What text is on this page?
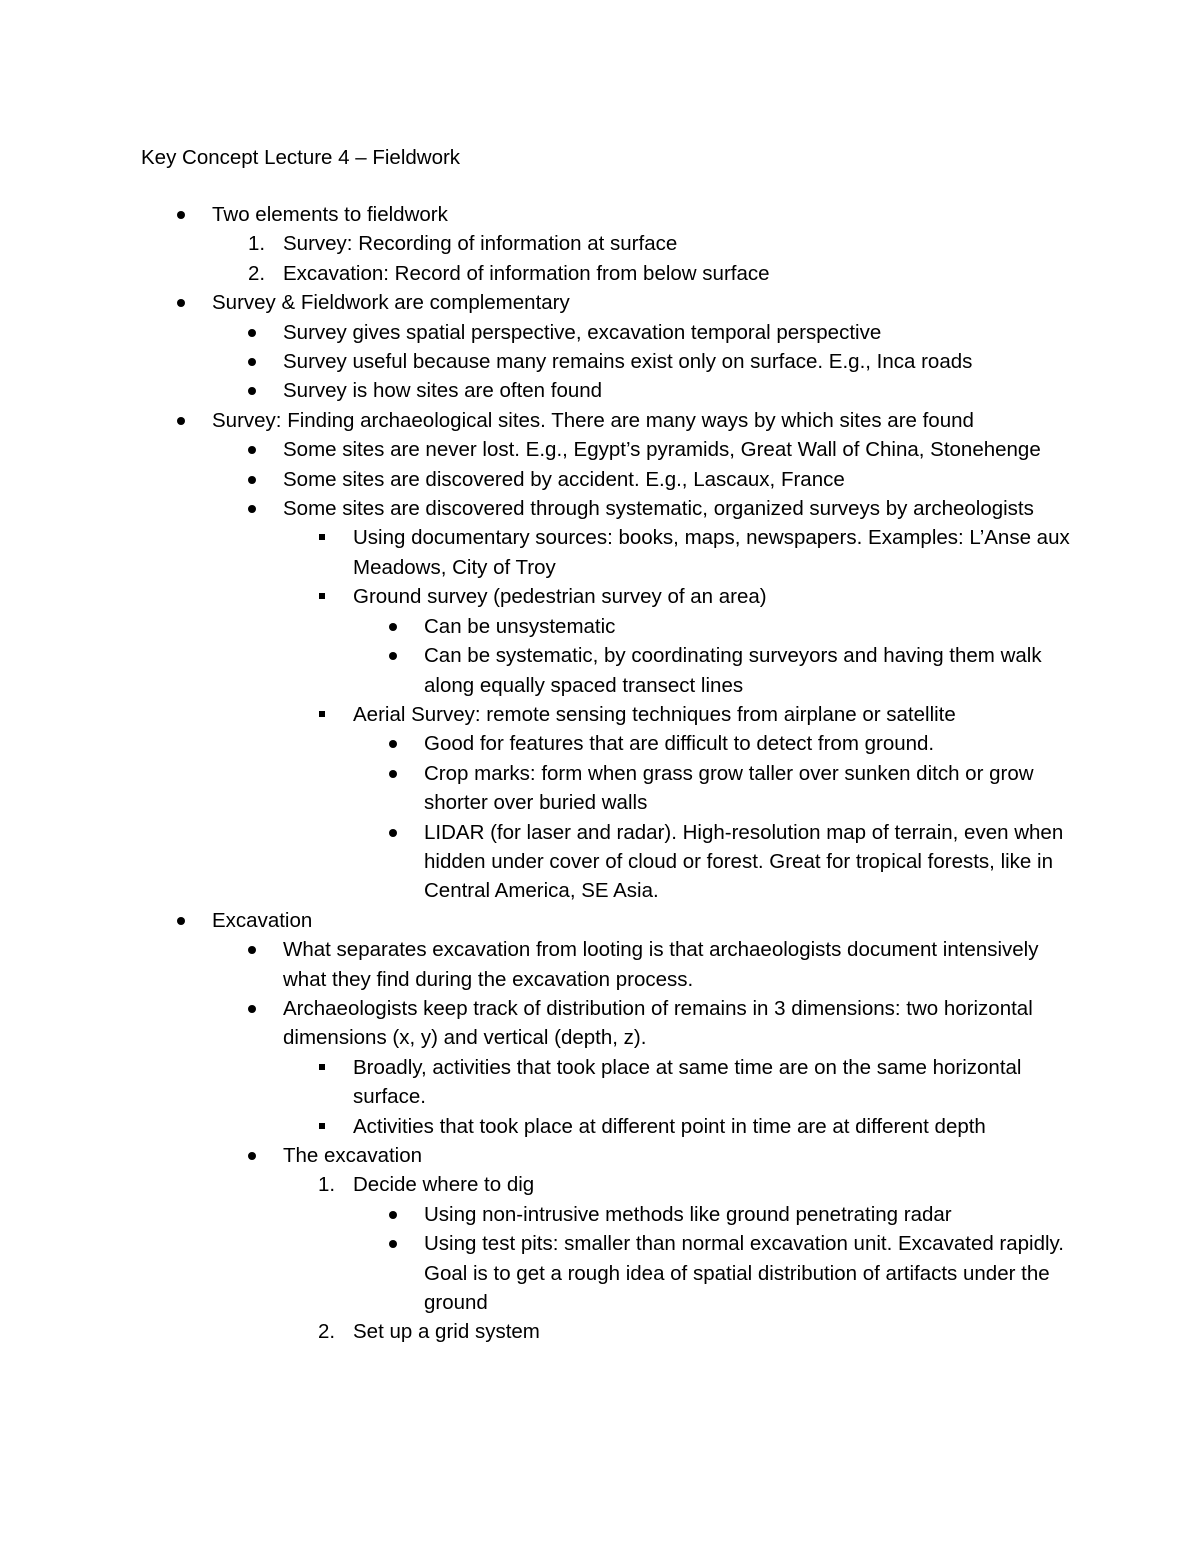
Key Concept Lecture 4 – Fieldwork
Two elements to fieldwork
1. Survey: Recording of information at surface
2. Excavation: Record of information from below surface
Survey & Fieldwork are complementary
Survey gives spatial perspective, excavation temporal perspective
Survey useful because many remains exist only on surface. E.g., Inca roads
Survey is how sites are often found
Survey: Finding archaeological sites. There are many ways by which sites are found
Some sites are never lost. E.g., Egypt’s pyramids, Great Wall of China, Stonehenge
Some sites are discovered by accident. E.g., Lascaux, France
Some sites are discovered through systematic, organized surveys by archeologists
Using documentary sources: books, maps, newspapers. Examples: L’Anse aux Meadows, City of Troy
Ground survey (pedestrian survey of an area)
Can be unsystematic
Can be systematic, by coordinating surveyors and having them walk along equally spaced transect lines
Aerial Survey: remote sensing techniques from airplane or satellite
Good for features that are difficult to detect from ground.
Crop marks: form when grass grow taller over sunken ditch or grow shorter over buried walls
LIDAR (for laser and radar). High-resolution map of terrain, even when hidden under cover of cloud or forest. Great for tropical forests, like in Central America, SE Asia.
Excavation
What separates excavation from looting is that archaeologists document intensively what they find during the excavation process.
Archaeologists keep track of distribution of remains in 3 dimensions: two horizontal dimensions (x, y) and vertical (depth, z).
Broadly, activities that took place at same time are on the same horizontal surface.
Activities that took place at different point in time are at different depth
The excavation
1. Decide where to dig
Using non-intrusive methods like ground penetrating radar
Using test pits: smaller than normal excavation unit. Excavated rapidly. Goal is to get a rough idea of spatial distribution of artifacts under the ground
2. Set up a grid system
